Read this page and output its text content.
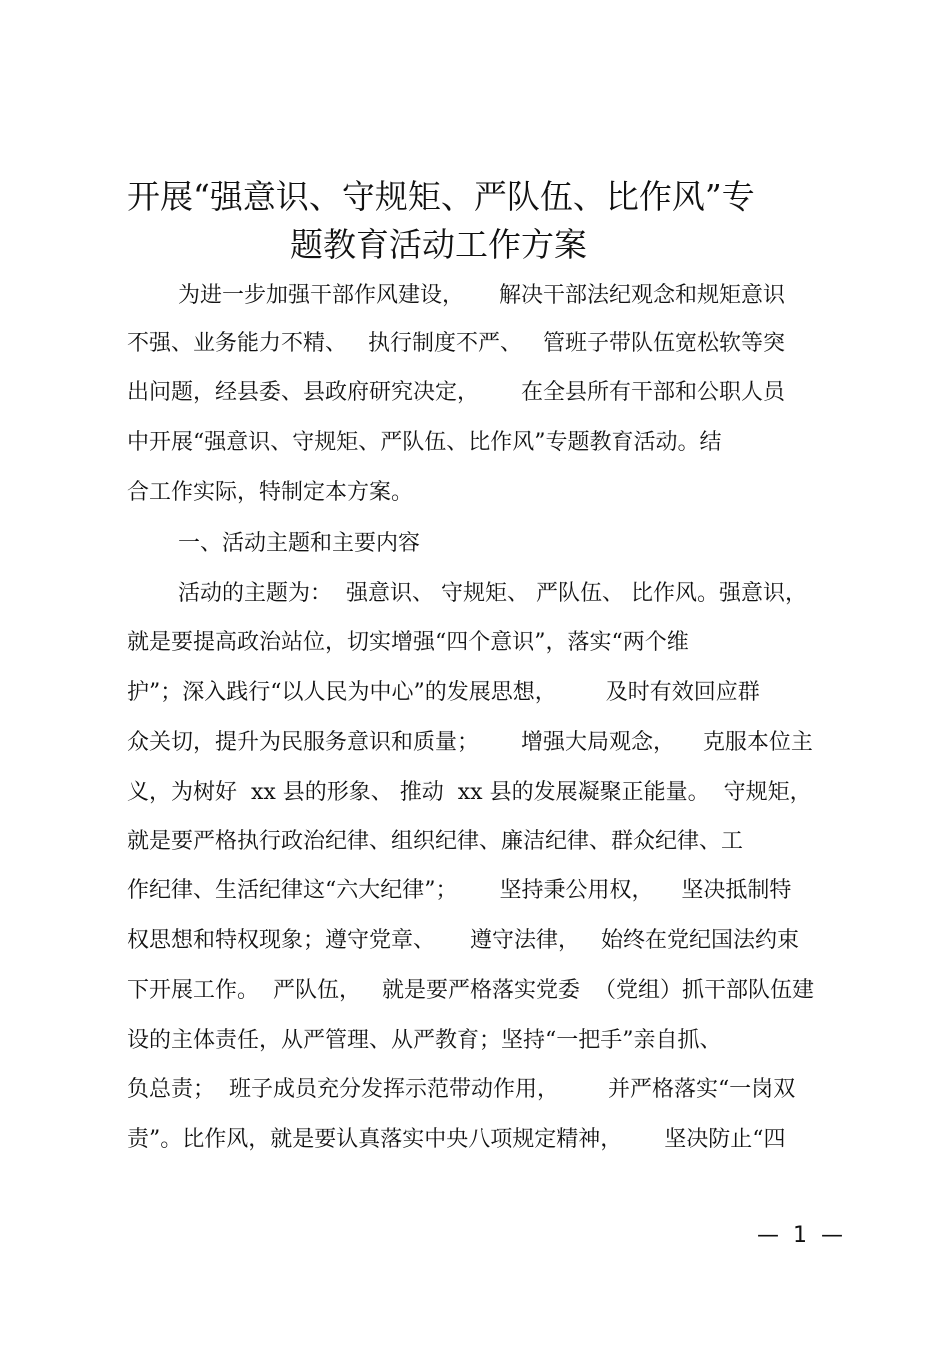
开展“强意识、守规矩、严队伍、比作风”专
题教育活动工作方案
为进一步加强干部作风建设，     解决干部法纪观念和规矩意识
不强、业务能力不精、   执行制度不严、   管班子带队伍宽松软等突
出问题，经县委、县政府研究决定，      在全县所有干部和公职人员
中开展“强意识、守规矩、严队伍、比作风”专题教育活动。结
合工作实际，特制定本方案。
一、活动主题和主要内容
活动的主题为：  强意识、 守规矩、 严队伍、 比作风。强意识，
就是要提高政治站位，切实增强“四个意识”，落实“两个维
护”；深入践行“以人民为中心”的发展思想，       及时有效回应群
众关切，提升为民服务意识和质量；      增强大局观念，    克服本位主
义，为树好  xx 县的形象、 推动  xx 县的发展凝聚正能量。  守规矩，
就是要严格执行政治纪律、组织纪律、廉洁纪律、群众纪律、工
作纪律、生活纪律这“六大纪律”；      坚持秉公用权，    坚决抵制特
权思想和特权现象；遵守党章、     遵守法律，   始终在党纪国法约束
下开展工作。  严队伍，   就是要严格落实党委  （党组）抓干部队伍建
设的主体责任，从严管理、从严教育；坚持“一把手”亲自抓、
负总责；  班子成员充分发挥示范带动作用，       并严格落实“一岗双
责”。比作风，就是要认真落实中央八项规定精神，      坚决防止“四
—  1  —
